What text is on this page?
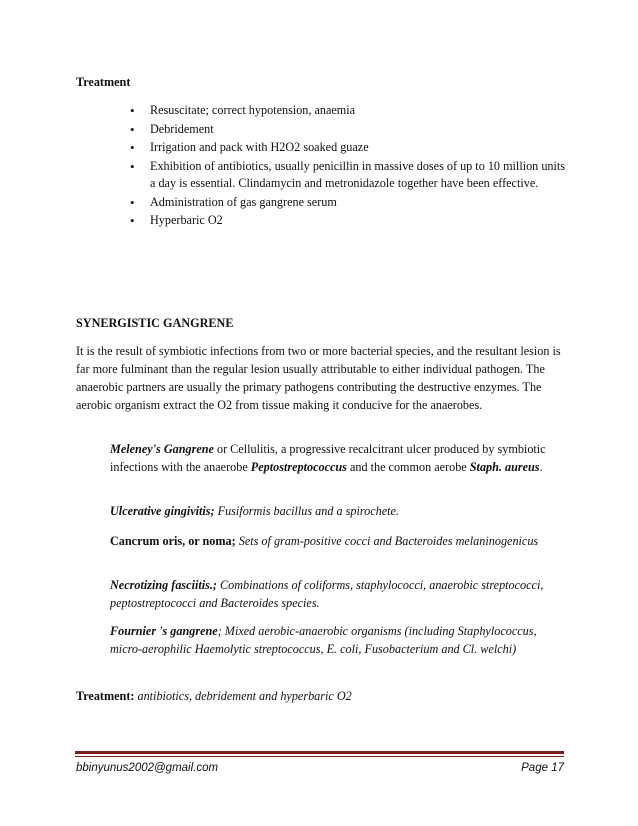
Treatment
• Resuscitate; correct hypotension, anaemia
• Debridement
• Irrigation and pack with H2O2 soaked guaze
• Exhibition of antibiotics, usually penicillin in massive doses of up to 10 million units a day is essential. Clindamycin and metronidazole together have been effective.
• Administration of gas gangrene serum
• Hyperbaric O2
SYNERGISTIC GANGRENE
It is the result of symbiotic infections from two or more bacterial species, and the resultant lesion is far more fulminant than the regular lesion usually attributable to either individual pathogen. The anaerobic partners are usually the primary pathogens contributing the destructive enzymes. The aerobic organism extract the O2 from tissue making it conducive for the anaerobes.
Meleney's Gangrene or Cellulitis, a progressive recalcitrant ulcer produced by symbiotic infections with the anaerobe Peptostreptococcus and the common aerobe Staph. aureus.
Ulcerative gingivitis; Fusiformis bacillus and a spirochete.
Cancrum oris, or noma; Sets of gram-positive cocci and Bacteroides melaninogenicus
Necrotizing fasciitis.; Combinations of coliforms, staphylococci, anaerobic streptococci, peptostreptococci and Bacteroides species.
Fournier 's gangrene; Mixed aerobic-anaerobic organisms (including Staphylococcus, micro-aerophilic Haemolytic streptococcus, E. coli, Fusobacterium and Cl. welchi)
Treatment: antibiotics, debridement and hyperbaric O2
bbinyunus2002@gmail.com	Page 17
